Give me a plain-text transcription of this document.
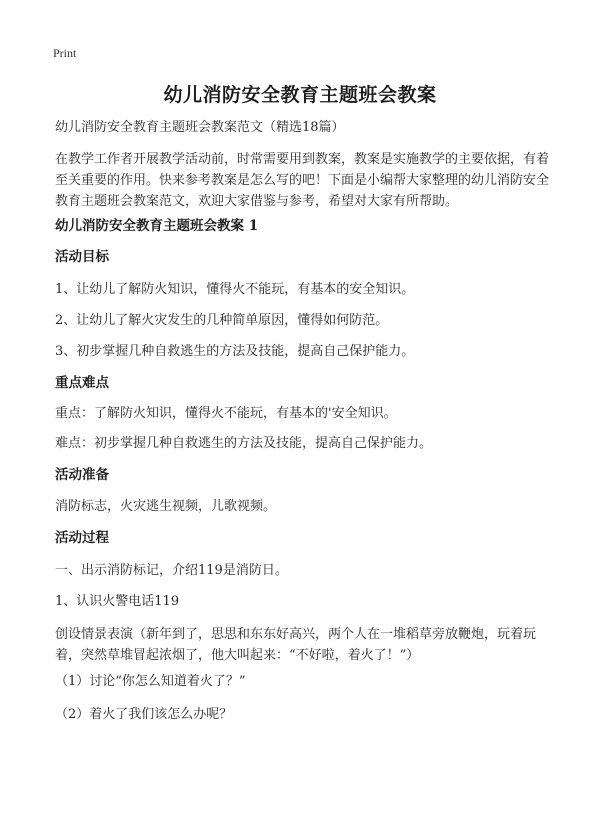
Print
幼儿消防安全教育主题班会教案
幼儿消防安全教育主题班会教案范文（精选18篇）
在教学工作者开展教学活动前，时常需要用到教案，教案是实施教学的主要依据，有着至关重要的作用。快来参考教案是怎么写的吧！下面是小编帮大家整理的幼儿消防安全教育主题班会教案范文，欢迎大家借鉴与参考，希望对大家有所帮助。
幼儿消防安全教育主题班会教案 1
活动目标
1、让幼儿了解防火知识，懂得火不能玩，有基本的安全知识。
2、让幼儿了解火灾发生的几种简单原因，懂得如何防范。
3、初步掌握几种自救逃生的方法及技能，提高自己保护能力。
重点难点
重点：了解防火知识，懂得火不能玩，有基本的'安全知识。
难点：初步掌握几种自救逃生的方法及技能，提高自己保护能力。
活动准备
消防标志，火灾逃生视频，儿歌视频。
活动过程
一、出示消防标记，介绍119是消防日。
1、认识火警电话119
创设情景表演（新年到了，思思和东东好高兴，两个人在一堆稻草旁放鞭炮，玩着玩着，突然草堆冒起浓烟了，他大叫起来：“不好啦，着火了！”）
（1）讨论“你怎么知道着火了？”
（2）着火了我们该怎么办呢？
